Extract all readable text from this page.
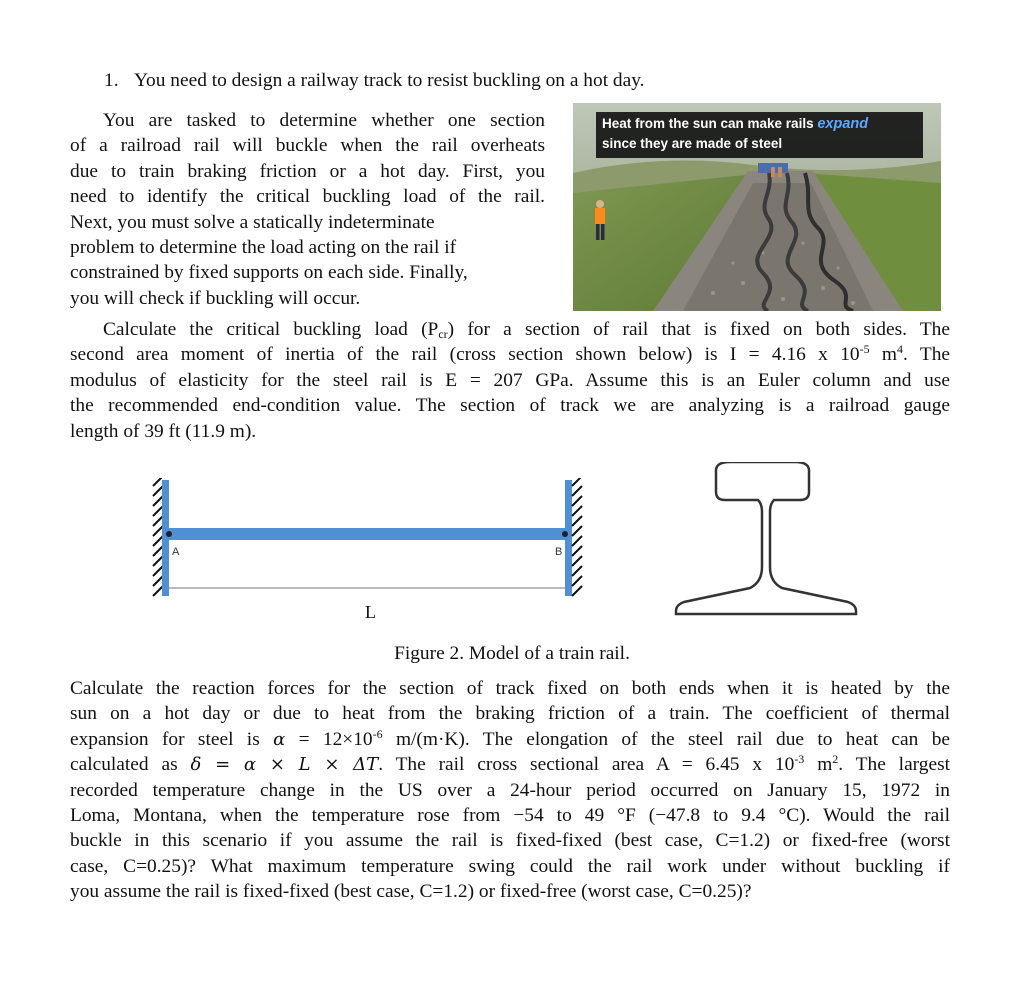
1. You need to design a railway track to resist buckling on a hot day.
You are tasked to determine whether one section
of a railroad rail will buckle when the rail overheats
due to train braking friction or a hot day. First, you
need to identify the critical buckling load of the rail.
Next, you must solve a statically indeterminate
problem to determine the load acting on the rail if
constrained by fixed supports on each side. Finally,
you will check if buckling will occur.
Heat from the sun can make rails expand
since they are made of steel
Calculate the critical buckling load $(P_{cr})$ for a section of rail that is fixed on both sides. The
second area moment of inertia of the rail (cross section shown below) is I = 4.16 x $10^{-5}$ $m^4$. The
modulus of elasticity for the steel rail is E = 207 GPa. Assume this is an Euler column and use
the recommended end-condition value. The section of track we are analyzing is a railroad gauge
length of 39 ft (11.9 m).
A	B
L
Figure 2. Model of a train rail.
Calculate the reaction forces for the section of track fixed on both ends when it is heated by the
sun on a hot day or due to heat from the braking friction of a train. The coefficient of thermal
expansion for steel is $\alpha = 12\times 10^{-6}$ m/(m·K). The elongation of the steel rail due to heat can be
calculated as δ = α × L × ΔT. The rail cross sectional area A = 6.45 x $10^{-3}$ $m^2$. The largest
recorded temperature change in the US over a 24-hour period occurred on January 15, 1972 in
Loma, Montana, when the temperature rose from −54 to 49 °F (−47.8 to 9.4 °C). Would the rail
buckle in this scenario if you assume the rail is fixed-fixed (best case, C=1.2) or fixed-free (worst
case, C=0.25)? What maximum temperature swing could the rail work under without buckling if
you assume the rail is fixed-fixed (best case, C=1.2) or fixed-free (worst case, C=0.25)?
